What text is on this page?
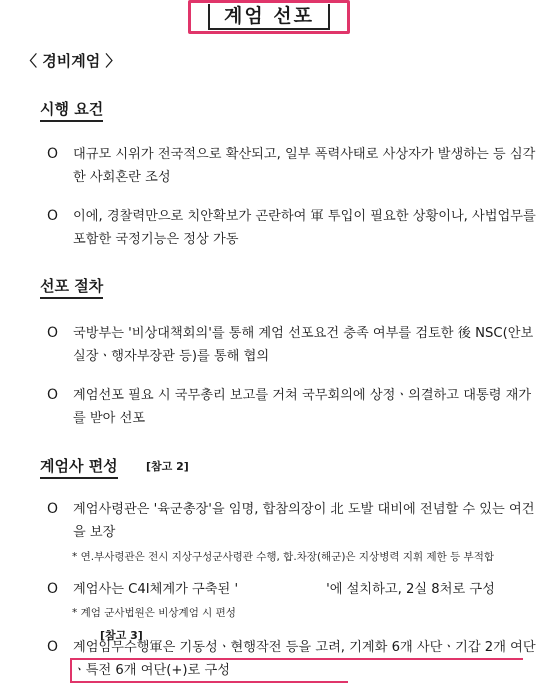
계엄 선포
〈 경비계엄 〉
시행 요건
O	대규모 시위가 전국적으로 확산되고, 일부 폭력사태로 사상자가 발생하는 등 심각한 사회혼란 조성
O	이에, 경찰력만으로 치안확보가 곤란하여 軍 투입이 필요한 상황이나, 사법업무를 포함한 국정기능은 정상 가동
선포 절차
O	국방부는 '비상대책회의'를 통해 계엄 선포요건 충족 여부를 검토한 後 NSC(안보실장ㆍ행자부장관 등)를 통해 협의
O	계엄선포 필요 시 국무총리 보고를 거쳐 국무회의에 상정ㆍ의결하고 대통령 재가를 받아 선포
계엄사 편성	[참고 2]
O	계엄사령관은 '육군총장'을 임명, 합참의장이 北 도발 대비에 전념할 수 있는 여건을 보장
* 연.부사령관은 전시 지상구성군사령관 수행, 합.차장(해군)은 지상병력 지휘 제한 등 부적합
O	계엄사는 C4I체계가 구축된 '	'에 설치하고, 2실 8처로 구성
* 계엄 군사법원은 비상계엄 시 편성
[참고 3]
O	계엄임무수행軍은 기동성ㆍ현행작전 등을 고려, 기계화 6개 사단ㆍ기갑 2개 여단ㆍ특전 6개 여단(+)로 구성
